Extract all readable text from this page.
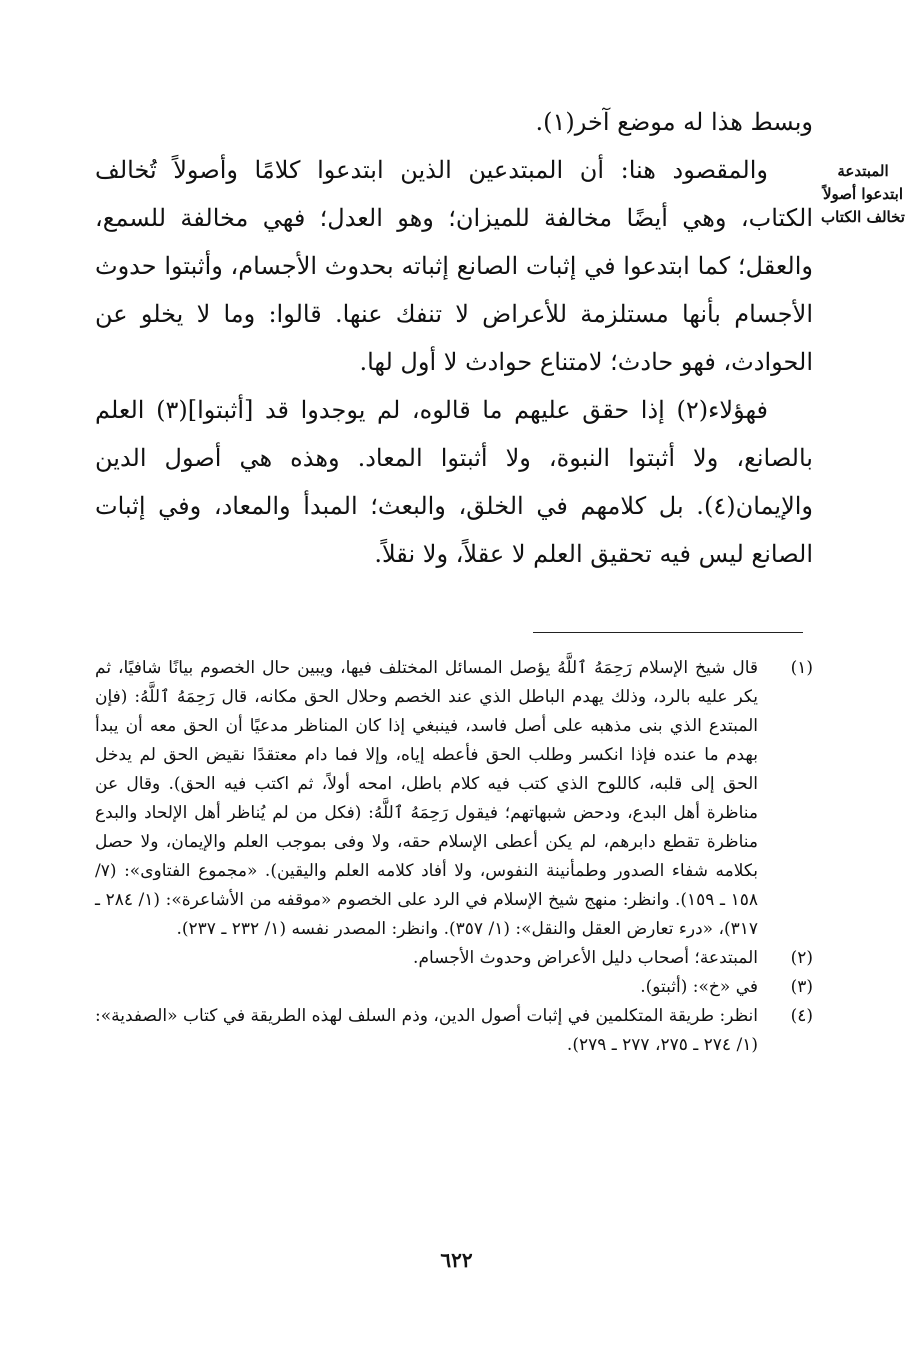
المبتدعة ابتدعوا أصولاً تخالف الكتاب

وبسط هذا له موضع آخر(١).

والمقصود هنا: أن المبتدعين الذين ابتدعوا كلامًا وأصولاً تُخالف الكتاب، وهي أيضًا مخالفة للميزان؛ وهو العدل؛ فهي مخالفة للسمع، والعقل؛ كما ابتدعوا في إثبات الصانع إثباته بحدوث الأجسام، وأثبتوا حدوث الأجسام بأنها مستلزمة للأعراض لا تنفك عنها. قالوا: وما لا يخلو عن الحوادث، فهو حادث؛ لامتناع حوادث لا أول لها.

فهؤلاء(٢) إذا حقق عليهم ما قالوه، لم يوجدوا قد [أثبتوا](٣) العلم بالصانع، ولا أثبتوا النبوة، ولا أثبتوا المعاد. وهذه هي أصول الدين والإيمان(٤). بل كلامهم في الخلق، والبعث؛ المبدأ والمعاد، وفي إثبات الصانع ليس فيه تحقيق العلم لا عقلاً، ولا نقلاً.

(١)
قال شيخ الإسلام رَحِمَهُ ٱللَّهُ يؤصل المسائل المختلف فيها، ويبين حال الخصوم بيانًا شافيًا، ثم يكر عليه بالرد، وذلك يهدم الباطل الذي عند الخصم وحلال الحق مكانه، قال رَحِمَهُ ٱللَّهُ: (فإن المبتدع الذي بنى مذهبه على أصل فاسد، فينبغي إذا كان المناظر مدعيًا أن الحق معه أن يبدأ بهدم ما عنده فإذا انكسر وطلب الحق فأعطه إياه، وإلا فما دام معتقدًا نقيض الحق لم يدخل الحق إلى قلبه، كاللوح الذي كتب فيه كلام باطل، امحه أولاً، ثم اكتب فيه الحق). وقال عن مناظرة أهل البدع، ودحض شبهاتهم؛ فيقول رَحِمَهُ ٱللَّهُ: (فكل من لم يُناظر أهل الإلحاد والبدع مناظرة تقطع دابرهم، لم يكن أعطى الإسلام حقه، ولا وفى بموجب العلم والإيمان، ولا حصل بكلامه شفاء الصدور وطمأنينة النفوس، ولا أفاد كلامه العلم واليقين). «مجموع الفتاوى»: (٧/ ١٥٨ ـ ١٥٩). وانظر: منهج شيخ الإسلام في الرد على الخصوم «موقفه من الأشاعرة»: (١/ ٢٨٤ ـ ٣١٧)، «درء تعارض العقل والنقل»: (١/ ٣٥٧). وانظر: المصدر نفسه (١/ ٢٣٢ ـ ٢٣٧).
(٢)
المبتدعة؛ أصحاب دليل الأعراض وحدوث الأجسام.
(٣)
في «خ»: (أثبتو).
(٤)
انظر: طريقة المتكلمين في إثبات أصول الدين، وذم السلف لهذه الطريقة في كتاب «الصفدية»: (١/ ٢٧٤ ـ ٢٧٥، ٢٧٧ ـ ٢٧٩).
٦٢٢
